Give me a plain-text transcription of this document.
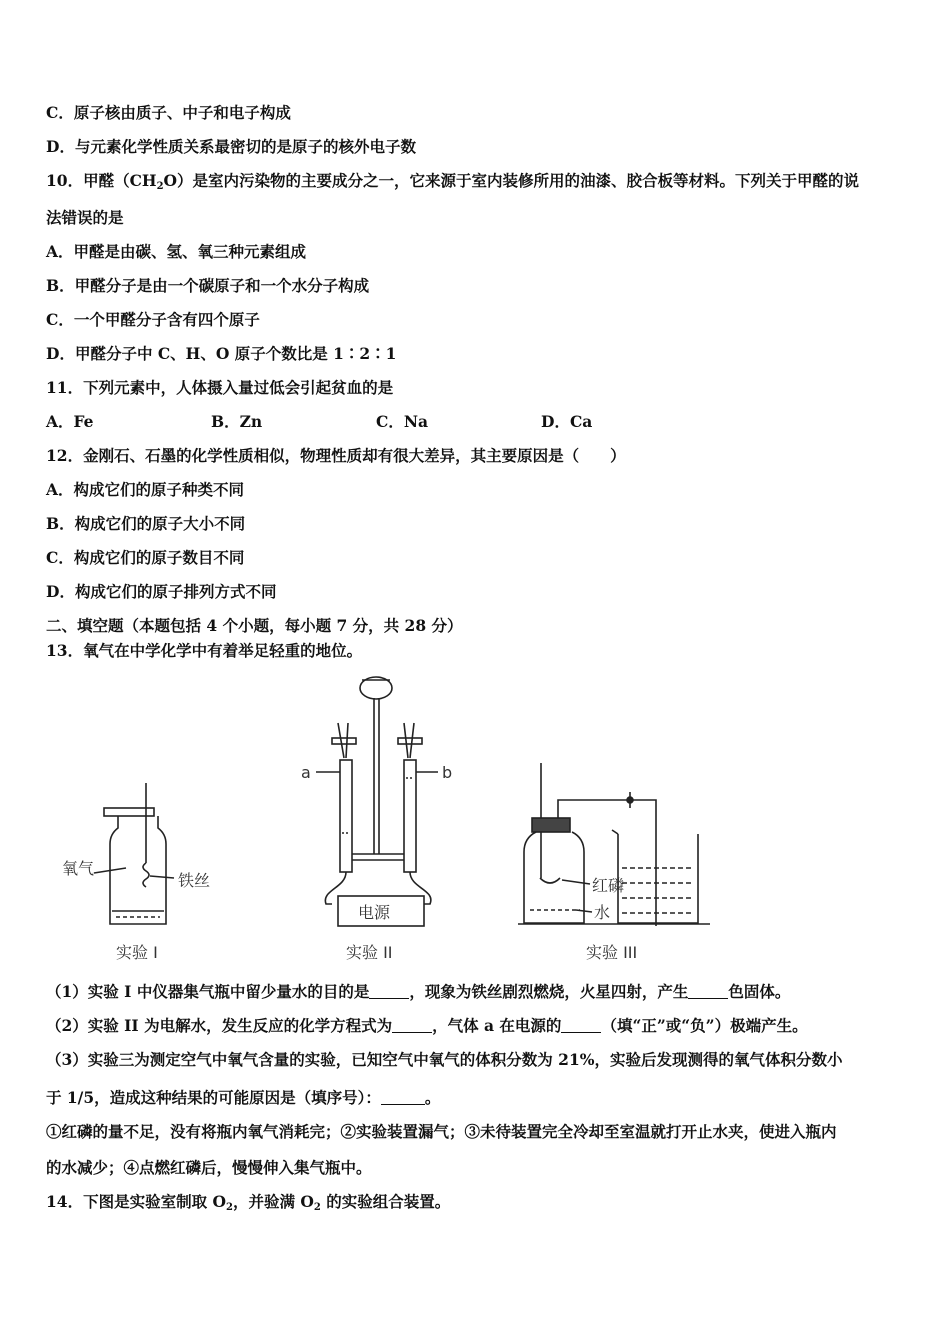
C．原子核由质子、中子和电子构成
D．与元素化学性质关系最密切的是原子的核外电子数
10．甲醛$(CH_2O)$是室内污染物的主要成分之一，它来源于室内装修所用的油漆、胶合板等材料。下列关于甲醛的说
法错误的是
A．甲醛是由碳、氢、氧三种元素组成
B．甲醛分子是由一个碳原子和一个水分子构成
C．一个甲醛分子含有四个原子
D．甲醛分子中 C、H、O 原子个数比是 1∶2∶1
11．下列元素中，人体摄入量过低会引起贫血的是
A．Fe	B．Zn	C．Na	D．Ca
12．金刚石、石墨的化学性质相似，物理性质却有很大差异，其主要原因是（　　）
A．构成它们的原子种类不同
B．构成它们的原子大小不同
C．构成它们的原子数目不同
D．构成它们的原子排列方式不同
二、填空题（本题包括 4 个小题，每小题 7 分，共 28 分）
13．氧气在中学化学中有着举足轻重的地位。
氧气
铁丝
实验 I
a	b
电源
实验 II
红磷
水
实验 III
（1）实验 I 中仪器集气瓶中留少量水的目的是	，现象为铁丝剧烈燃烧，火星四射，产生	色固体。
（2）实验 II 为电解水，发生反应的化学方程式为	，气体 a 在电源的	（填“正”或“负”）极端产生。
（3）实验三为测定空气中氧气含量的实验，已知空气中氧气的体积分数为 21%，实验后发现测得的氧气体积分数小
于 1/5，造成这种结果的可能原因是（填序号）：	。
①红磷的量不足，没有将瓶内氧气消耗完；②实验装置漏气；③未待装置完全冷却至室温就打开止水夹，使进入瓶内
的水减少；④点燃红磷后，慢慢伸入集气瓶中。
14．下图是实验室制取 $O_2$，并验满 $O_2$ 的实验组合装置。
